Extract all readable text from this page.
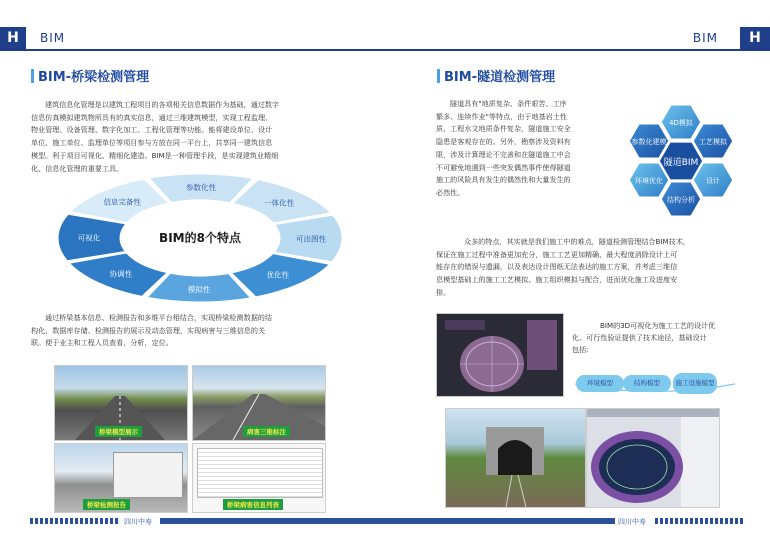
H	BIM	BIM	H
BIM-桥梁检测管理
建筑信息化管理是以建筑工程项目的各项相关信息数据作为基础，通过数字
信息仿真模拟建筑物所具有的真实信息，通过三维建筑模型，实现工程监理、
物业管理、设备管理、数字化加工、工程化管理等功能。能将建设单位、设计
单位、施工单位、监理单位等项目参与方放在同一平台上，共享同一建筑信息
模型。利于项目可视化、精细化建造。BIM是一种管理手段，是实现建筑业精细
化、信息化管理的重要工具。
参数化性
一体化性
可出图性
优化性
模拟性
协调性
可视化
信息完备性
BIM的8个特点
通过桥梁基本信息、检测报告和多维平台相结合，实现桥梁检测数据的结
构化，数据库存储、检测报告的展示及动态管理，实现病害与三维信息的关
联。便于业主和工程人员查看，分析，定位。
桥梁模型展示	病害三维标注
桥梁检测报告	桥梁病害信息列表
BIM-隧道检测管理
隧道具有"地质复杂、条件艰苦、工序
繁多、连续作业"等特点，由于地基岩土性
质、工程水文地质条件复杂，隧道施工安全
隐患是客观存在的。另外，勘察涉及资料有
限，涉及计算理论不完善和在隧道施工中会
不可避免地遇到一些突发偶然事件使得隧道
施工的风险具有发生的偶然性和大量发生的
必然性。
4D模拟
工艺模拟
设计
结构分析
环境优化
参数化建模
隧道BIM
众多的特点，其实就是我们施工中的难点，隧道检测管理结合BIM技术，
保证在施工过程中准备更加充分，施工工艺更加精确，最大程度消除设计上可
能存在的错误与遗漏，以及表达设计图纸无法表达的施工方案，并考虑三维信
息模型基础上的施工工艺模拟、施工组织模拟与配合，进而优化施工及进度安
排。
BIM的3D可视化为施工工艺的设计优
化、可行性验证提供了技术途径，基础设计
包括：
环境模型	结构模型	施工设施模型
四川中寿	四川中寿
